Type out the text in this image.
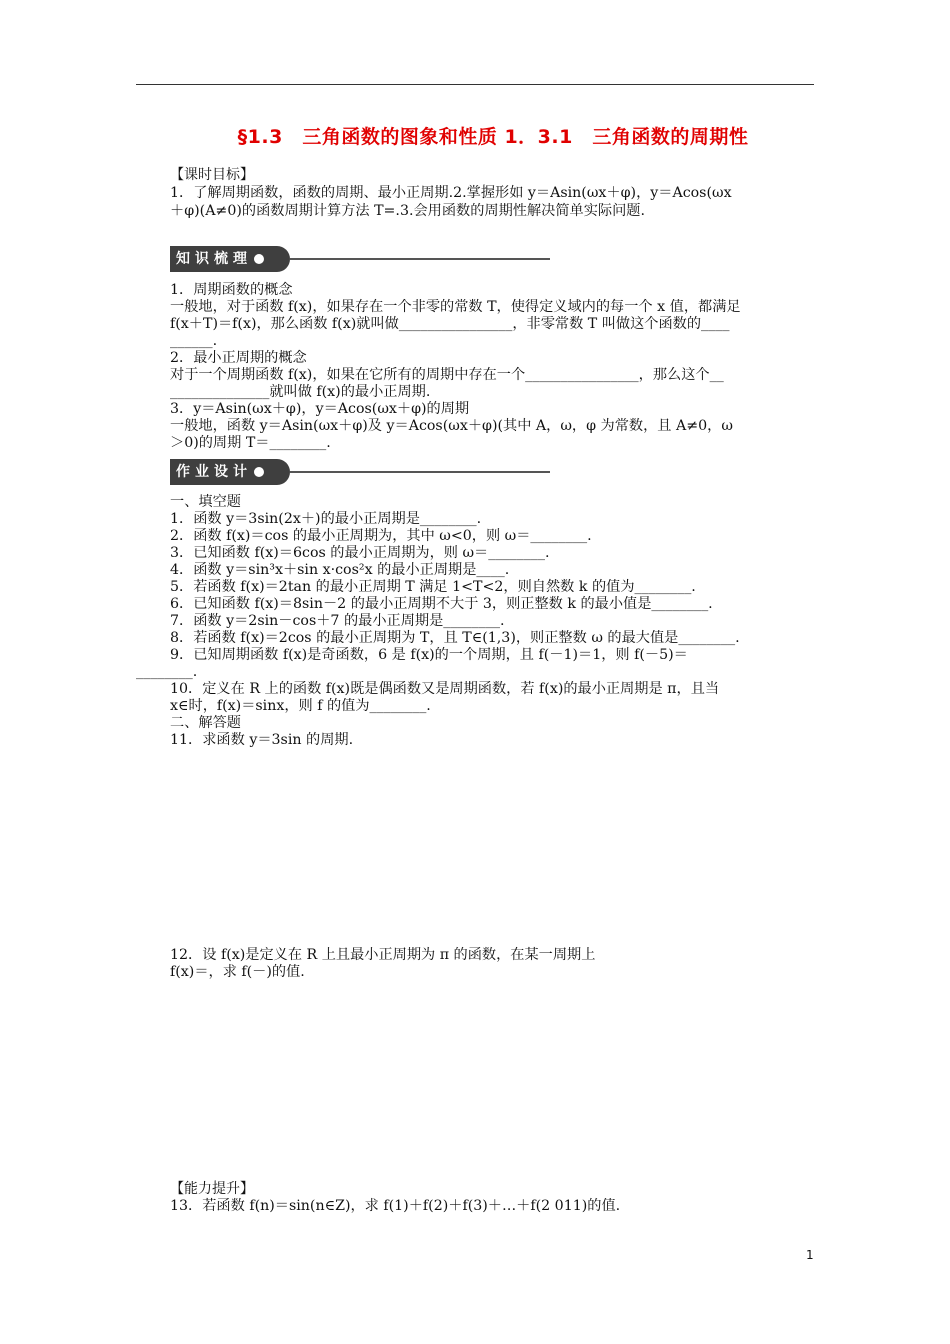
§1.3　三角函数的图象和性质 1．3.1　三角函数的周期性
【课时目标】
1．了解周期函数，函数的周期、最小正周期.2.掌握形如 y＝Asin(ωx＋φ)，y＝Acos(ωx
＋φ)(A≠0)的函数周期计算方法 T=.3.会用函数的周期性解决简单实际问题.
知识梳理
1．周期函数的概念
一般地，对于函数 f(x)，如果存在一个非零的常数 T，使得定义域内的每一个 x 值，都满足
f(x＋T)＝f(x)，那么函数 f(x)就叫做________________，非零常数 T 叫做这个函数的____
______.
2．最小正周期的概念
对于一个周期函数 f(x)，如果在它所有的周期中存在一个________________，那么这个__
______________就叫做 f(x)的最小正周期.
3．y＝Asin(ωx＋φ)，y＝Acos(ωx＋φ)的周期
一般地，函数 y＝Asin(ωx＋φ)及 y＝Acos(ωx＋φ)(其中 A，ω，φ 为常数，且 A≠0，ω
＞0)的周期 T＝________.
作业设计
一、填空题
1．函数 y＝3sin(2x＋)的最小正周期是________.
2．函数 f(x)＝cos 的最小正周期为，其中 ω<0，则 ω＝________.
3．已知函数 f(x)＝6cos 的最小正周期为，则 ω＝________.
4．函数 y＝sin³x＋sin x·cos²x 的最小正周期是____.
5．若函数 f(x)＝2tan 的最小正周期 T 满足 1<T<2，则自然数 k 的值为________.
6．已知函数 f(x)＝8sin－2 的最小正周期不大于 3，则正整数 k 的最小值是________.
7．函数 y＝2sin－cos＋7 的最小正周期是________.
8．若函数 f(x)＝2cos 的最小正周期为 T，且 T∈(1,3)，则正整数 ω 的最大值是________.
9．已知周期函数 f(x)是奇函数，6 是 f(x)的一个周期，且 f(－1)＝1，则 f(－5)＝
________.
10．定义在 R 上的函数 f(x)既是偶函数又是周期函数，若 f(x)的最小正周期是 π，且当
x∈时，f(x)＝sinx，则 f 的值为________.
二、解答题
11．求函数 y＝3sin 的周期.
12．设 f(x)是定义在 R 上且最小正周期为 π 的函数，在某一周期上
f(x)＝，求 f(－)的值.
【能力提升】
13．若函数 f(n)＝sin(n∈Z)，求 f(1)＋f(2)＋f(3)＋…＋f(2 011)的值.
1
